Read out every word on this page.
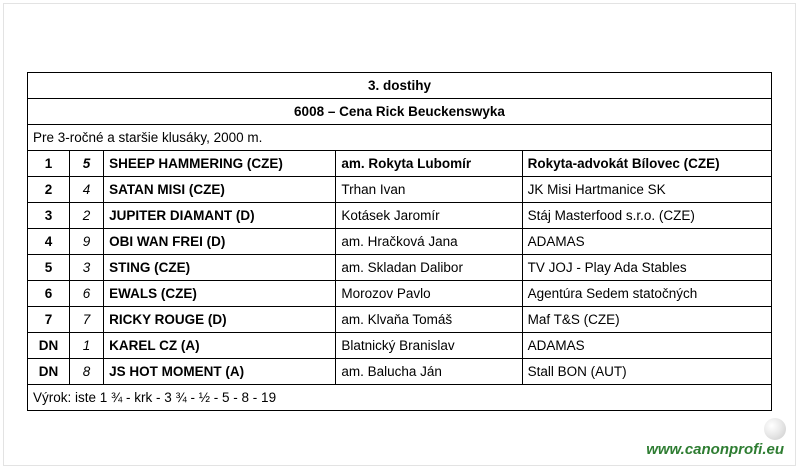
3. dostihy				
6008 – Cena Rick Beuckenswyka				
Pre 3-ročné a staršie klusáky, 2000 m.				
1	5	SHEEP HAMMERING (CZE)	am. Rokyta Lubomír	Rokyta-advokát Bílovec (CZE)
2	4	SATAN MISI (CZE)	Trhan Ivan	JK Misi Hartmanice SK
3	2	JUPITER DIAMANT (D)	Kotásek Jaromír	Stáj Masterfood s.r.o. (CZE)
4	9	OBI WAN FREI (D)	am. Hračková Jana	ADAMAS
5	3	STING (CZE)	am. Skladan Dalibor	TV JOJ - Play Ada Stables
6	6	EWALS (CZE)	Morozov Pavlo	Agentúra Sedem statočných
7	7	RICKY ROUGE (D)	am. Klvaňa Tomáš	Maf T&S (CZE)
DN	1	KAREL CZ (A)	Blatnický Branislav	ADAMAS
DN	8	JS HOT MOMENT (A)	am. Balucha Ján	Stall BON (AUT)
Výrok: iste 1 ¾ - krk - 3 ¾ - ½ - 5 - 8 - 19				
www.canonprofi.eu
